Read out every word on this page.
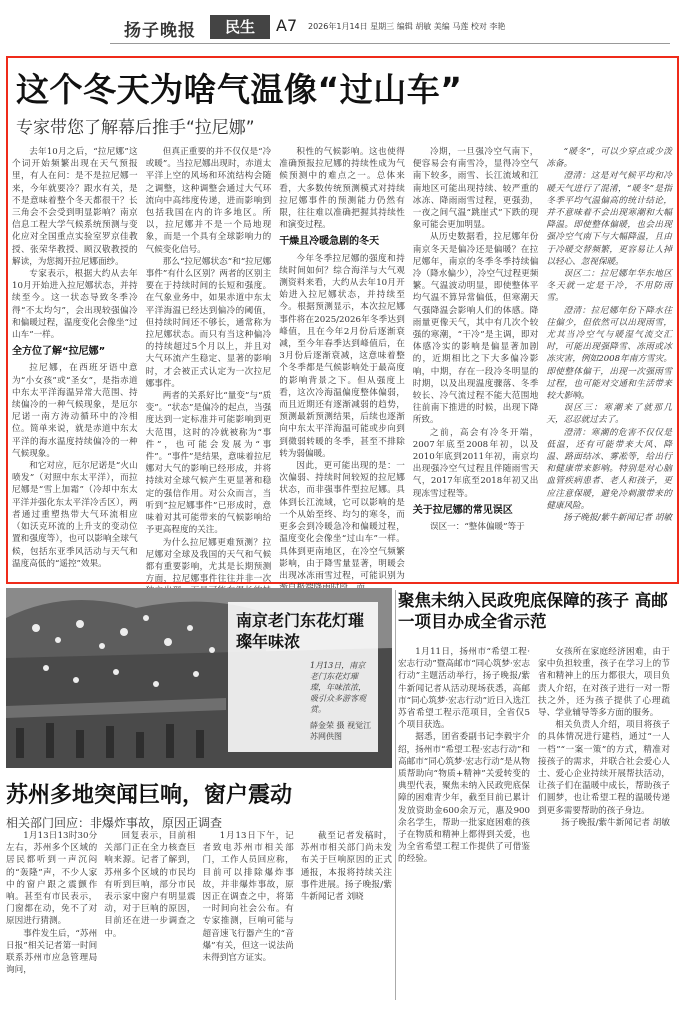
扬子晚报	民生	A7 2026年1月14日 星期三 编辑 胡敏 美编 马莲 校对 李艳
这个冬天为啥气温像“过山车”
专家带您了解幕后推手“拉尼娜”

去年10月之后，“拉尼娜”这个词开始频繁出现在天气预报里，有人在问：是不是拉尼娜一来，今年就要冷？跟水有关，是不是意味着整个冬天都很干？长三角会不会受到明显影响？南京信息工程大学气候系统预测与变化应对全国重点实验室罗京佳教授、张荣华教授、顾汉敬教授的解读，为您揭开拉尼娜面纱。

专家表示，根据大约从去年10月开始进入拉尼娜状态，并持续至今。这一状态导致冬季冷得“不太均匀”，会出现较强偏冷和偏暖过程，温度变化会像坐“过山车”一样。

全方位了解“拉尼娜”

拉尼娜，在西班牙语中意为“小女孩”或“圣女”，是指赤道中东太平洋海温异常大范围、持续偏冷的一种气候现象，是厄尔尼诺一南方涛动循环中的冷相位。简单来说，就是赤道中东太平洋的海水温度持续偏冷的一种气候现象。

和它对应，厄尔尼诺是“火山喷发”（对照中东太平洋），而拉尼娜是“雪上加霜”（冷却中东太平洋并强化东太平洋冷舌区），两者通过重塑热带大气环流相应（如沃克环流的上升支的变动位置和强度等），也可以影响全球气候，包括东亚季风活动与天气和温度高低的“遥控”效果。

但真正重要的并不仅仅是“冷或暖”。当拉尼娜出现时，赤道太平洋上空的风场和环流结构会随之调整，这种调整会通过大气环流向中高纬度传递，进而影响到包括我国在内的许多地区。所以，拉尼娜并不是一个局地现象，而是一个具有全球影响力的气候变化信号。

那么“拉尼娜状态”和“拉尼娜事件”有什么区别？两者的区别主要在于持续时间的长短和强度。在气象业务中，如果赤道中东太平洋海温已经达到偏冷的阈值，但持续时间还不够长，通常称为拉尼娜状态。而只有当这种偏冷的持续超过5个月以上，并且对大气环流产生稳定、显著的影响时，才会被正式认定为一次拉尼娜事件。

两者的关系好比“量变”与“质变”。“状态”是偏冷的起点，当强度达到一定标准并可能影响到更大范围，这时的冷就被称为“事件”，也可能会发展为“事件”。“事件”是结果，意味着拉尼娜对大气的影响已经形成，并将持续对全球气候产生更显著和稳定的强信作用。对公众而言，当听到“拉尼娜事件”已形成时，意味着对其可能带来的气候影响给予更高程度的关注。

为什么拉尼娜更难预测？拉尼娜对全球及我国的天气和气候都有重要影响，尤其是长期预测方面，拉尼娜事件往往并非一次

积性的气候影响。这也使得准确预报拉尼娜的持续性成为气候预测中的难点之一。总体来看，大多数传统预测模式对持续拉尼娜事件的预测能力仍然有限，往往难以准确把握其持续性和演变过程。

干燥且冷暖急剧的冬天

今年冬季拉尼娜的强度和持续时间如何？综合海洋与大气观测资料来看，大约从去年10月开始进入拉尼娜状态，并持续至今。根据预测显示，本次拉尼娜事件将在2025/2026年冬季达到峰值，且在今年2月份后逐渐衰减，至今年春季达到峰值后，在3月份后逐渐衰减，这意味着整个冬季都是气候影响处于最高度的影响背景之下。但从强度上看，这次冷海温偏度整体偏弱，而且近期还有逐渐减弱的趋势，预测最新预测结果，后续也逐渐向中东太平洋海温可能或步向到到微弱转暖的冬季，甚至不排除转为弱偏暖。

因此，更可能出现的是：一次偏弱、持续时间较短的拉尼娜状态，而非强事件型拉尼娜。具体到长江流域，它可以影响的是一个从始至终、均匀的寒冬，而更多会到冷暖急冷和偏暖过程，温度变化会像坐“过山车”一样。具体到更南地区，在冷空气频繁影响，由于降雪量显著，明暖会出现冰冻雨雪过程，可能识别为

冷期，一旦强冷空气南下，便容易会有南雪冷，显得冷空气南下较多，雨雪、长江流域和江南地区可能出现持续、较严重的冰冻、降雨雨雪过程，更强劲，一夜之间气温“跳崖式”下跌的现象可能会更加明显。

从历史数据看，拉尼娜年份南京冬天是偏冷还是偏暖？在拉尼娜年，南京的冬季冬季持续偏冷（降水偏少），冷空气过程更频繁。气温波动明显，即使整体平均气温不算异常偏低，但寒潮天气强降温会影响人们的体感。降雨量更像天气，其中有几次个较强的寒潮，“干冷”是主调，即对体感冷实的影响是偏显著加剧的，近期相比之下大多偏冷影响，中期，存在一段冷冬明显的时期，以及出现温度骤落、冬季较长、冷气流过程不能大范围地往前南下推进的时候，出现下降所致。

之前，高会有冷冬开端，2007年底至2008年初，以及2010年底到2011年初，南京均出现强冷空气过程且伴随雨雪天气，2017年底至2018年初又出现冻雪过程等。

关于拉尼娜的常见误区

误区一：“整体偏暖”等于

“暖冬”，可以少穿点或少泼冻备。

澄清：这是对气候平均和冷暖天气进行了混淆，“暖冬”是指冬季平均气温偏高的统计结论，并不意味着不会出现寒潮和大幅降温。即使整体偏暖，也会出现强冷空气南下与大幅降温，且由于冷暖交替频繁，更容易让人掉以轻心、忽视保暖。

误区二：拉尼娜年华东地区冬天就一定是干冷，不用防雨雪。

澄清：拉尼娜年份下降水往往偏少，但依然可以出现雨雪，尤其当冷空气与暖湿气流交汇时，可能出现强降雪、冻雨或冰冻灾害，例如2008年南方雪灾。即使整体偏干，出现一次强雨雪过程，也可能对交通和生活带来较大影响。

误区三：寒潮来了就那几天，忍忍就过去了。

澄清：寒潮的危害不仅仅是低温，还有可能带来大风、降温、路面结冰、雾凇等，给出行和健康带来影响。特别是对心脑血管疾病患者、老人和孩子，更应注意保暖，避免冷刺激带来的健康风险。

扬子晚报/紫牛新闻记者 胡敏

南京老门东花灯璀璨年味浓
1月13日，南京老门东花灯璀璨，年味浓浓，吸引众多游客观赏。
薛金荣 摄 视觉江苏网供图
聚焦未纳入民政兜底保障的孩子 高邮一项目办成全省示范

1月11日，扬州市“希望工程·宏志行动”暨高邮市“同心筑梦·宏志行动”主题活动举行，扬子晚报/紫牛新闻记者从活动现场获悉，高邮市“同心筑梦·宏志行动”近日入选江苏省希望工程示范项目，全省仅5个项目获选。

据悉，团省委副书记李毅宇介绍，扬州市“希望工程·宏志行动”和高邮市“同心筑梦·宏志行动”是从物质帮助向“物质+精神”关爱转变的典型代表，聚焦未纳入民政兜底保障的困难青少年，截至目前已累计发放资助金600余万元，惠及900余名学生，帮助一批家庭困难的孩子在物质和精神上都得到关爱，也为全省希望工程工作提供了可借鉴的经验。

女孩所在家庭经济困难，由于家中负担较重，孩子在学习上的节省和精神上的压力都很大，项目负责人介绍，在对孩子进行一对一帮扶之外，还为孩子提供了心理疏导、学业辅导等多方面的服务。

相关负责人介绍，项目将孩子的具体情况进行建档，通过“一人一档”“一案一策”的方式，精准对接孩子的需求，并联合社会爱心人士、爱心企业持续开展帮扶活动，让孩子们在温暖中成长，帮助孩子们圆梦，也让希望工程的温暖传递到更多需要帮助的孩子身边。

扬子晚报/紫牛新闻记者 胡敏

苏州多地突闻巨响，窗户震动
相关部门回应：非爆炸事故，原因正调查

1月13日13时30分左右，苏州多个区域的居民都听到一声沉闷的“轰隆”声，不少人家中的窗户跟之震颤作响。甚至有市民表示，门窗都在动，免不了对原因进行猜测。

事件发生后，“苏州日报”相关记者第一时间联系苏州市应急管理局询问，

回复表示，目前相关部门正在全力核查巨响来源。记者了解到，苏州多个区域的市民均有听到巨响，部分市民表示家中窗户有明显震动，对于巨响的原因，目前还在进一步调查之中。

1月13日下午，记者致电苏州市相关部门，工作人员回应称，目前可以排除爆炸事故，并非爆炸事故，原因正在调查之中，将第一时间向社会公布。有专家推测，巨响可能与超音速飞行器产生的“音爆”有关，但这一说法尚未得到官方证实。

截至记者发稿时，苏州市相关部门尚未发布关于巨响原因的正式通报，本报将持续关注事件进展。扬子晚报/紫牛新闻记者 刘晓
